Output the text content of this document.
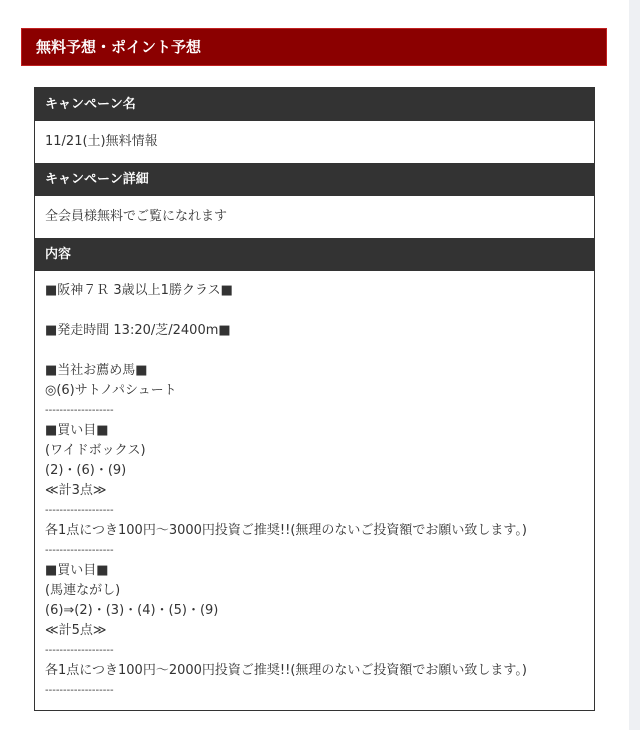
無料予想・ポイント予想
キャンペーン名
11/21(土)無料情報
キャンペーン詳細
全会員様無料でご覧になれます
内容
■阪神７Ｒ 3歳以上1勝クラス■
■発走時間 13:20/芝/2400m■
■当社お薦め馬■
◎(6)サトノパシュート
-------------------
■買い目■
(ワイドボックス)
(2)・(6)・(9)
≪計3点≫
-------------------
各1点につき100円～3000円投資ご推奨!!(無理のないご投資額でお願い致します。)
-------------------
■買い目■
(馬連ながし)
(6)⇒(2)・(3)・(4)・(5)・(9)
≪計5点≫
-------------------
各1点につき100円～2000円投資ご推奨!!(無理のないご投資額でお願い致します。)
-------------------
